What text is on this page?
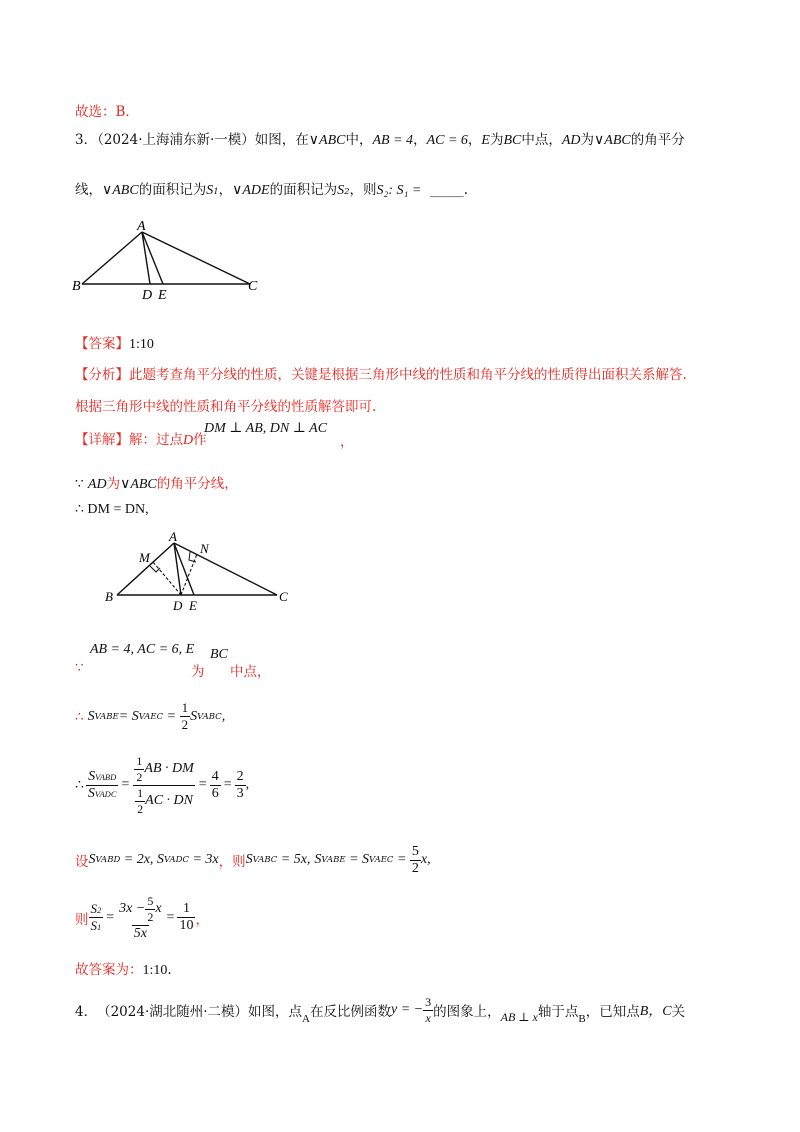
故选：B．
3．（2024·上海浦东新·一模）如图，在∨ABC中，AB = 4，AC = 6，E为BC中点，AD为∨ABC的角平分
线，∨ABC的面积记为S1，∨ADE的面积记为S2，则S₂: S₁ = _____.
A
B	C
D E
【答案】1:10
【分析】此题考查角平分线的性质，关键是根据三角形中线的性质和角平分线的性质得出面积关系解答.
根据三角形中线的性质和角平分线的性质解答即可.
【详解】解：过点D作
DM ⊥ AB, DN ⊥ AC
，
∵ AD为∨ABC的角平分线，
∴ DM = DN,
A
B	C
D E
M
N
∵
AB = 4, AC = 6, E
为
BC
中点，
∴ S VABE = S VAEC = $\frac{1}{2}$ S VABC ,
∴ $\frac{\text{SVABD}}{\text{SVADC}} = \frac{\frac{1}{2} AB \cdot DM}{\frac{1}{2} AC \cdot DN} = \frac{4}{6} = \frac{2}{3}$ ,
设 S VABD = 2x, S VADC = 3x ，则 S VABC = 5x, S VABE = S VAEC = $\frac{5}{2} x$,
则 $\frac{S2}{S1} = \frac{3x - \frac{5}{2} x}{5x} = \frac{1}{10}$ ，
故答案为：1:10.
4． （2024·湖北随州·二模） 如图，点 A 在反比例函数 y = − $\frac{3}{x}$ 的图象上， AB ⊥ x 轴于点 B ，已知点 B，C 关
